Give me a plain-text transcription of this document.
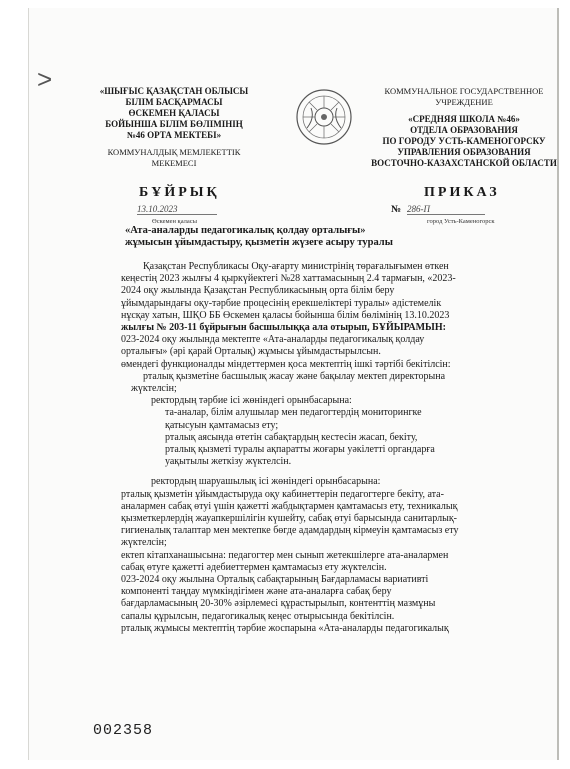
>	«ШЫҒЫС ҚАЗАҚСТАН ОБЛЫСЫ
БІЛІМ БАСҚАРМАСЫ
ӨСКЕМЕН ҚАЛАСЫ
БОЙЫНША БІЛІМ БӨЛІМІНІҢ
№46 ОРТА МЕКТЕБІ»
КОММУНАЛДЫҚ МЕМЛЕКЕТТІК
МЕКЕМЕСІ
КОММУНАЛЬНОЕ ГОСУДАРСТВЕННОЕ
УЧРЕЖДЕНИЕ
«СРЕДНЯЯ ШКОЛА №46»
ОТДЕЛА ОБРАЗОВАНИЯ
ПО ГОРОДУ УСТЬ-КАМЕНОГОРСКУ
УПРАВЛЕНИЯ ОБРАЗОВАНИЯ
ВОСТОЧНО-КАЗАХСТАНСКОЙ ОБЛАСТИ
БҰЙРЫҚ	ПРИКАЗ
13.10.2023	№ 286-П
Өскемен қаласы	город Усть-Каменогорск
«Ата-аналарды педагогикалық қолдау орталығы»
жұмысын ұйымдастыру, қызметін жүзеге асыру туралы

Қазақстан Республикасы Оқу-ағарту министрінің төрағалығымен өткен

кеңестің 2023 жылғы 4 қыркүйектегі №28 хаттамасының 2.4 тармағын, «2023-

2024 оқу жылында Қазақстан Республикасының орта білім беру

ұйымдарындағы оқу-тәрбие процесінің ерекшеліктері туралы» әдістемелік

нұсқау хатын, ШҚО ББ Өскемен қаласы бойынша білім бөлімінің 13.10.2023

жылғы № 203-11 бұйрығын басшылыққа ала отырып, БҰЙЫРАМЫН:

023-2024 оқу жылында мектепте «Ата-аналарды педагогикалық қолдау

орталығы» (әрі қарай Орталық) жұмысы ұйымдастырылсын.

өмендегі функционалды міндеттермен қоса мектептің ішкі тәртібі бекітілсін:

рталық қызметіне басшылық жасау және бақылау мектеп директорына

жүктелсін;

ректордың тәрбие ісі жөніндегі орынбасарына:

та-аналар, білім алушылар мен педагогтердің мониторингке

қатысуын қамтамасыз ету;

рталық аясында өтетін сабақтардың кестесін жасап, бекіту,

рталық қызметі туралы ақпаратты жоғары уәкілетті органдарға

уақытылы жеткізу жүктелсін.

ректордың шаруашылық ісі жөніндегі орынбасарына:

рталық қызметін ұйымдастыруда оқу кабинеттерін педагогтерге бекіту, ата-

аналармен сабақ өтуі үшін қажетті жабдықтармен қамтамасыз ету, техникалық

қызметкерлердің жауапкершілігін күшейту, сабақ өтуі барысында санитарлық-

гигиеналық талаптар мен мектепке бөгде адамдардың кірмеуін қамтамасыз ету

жүктелсін;

ектеп кітапханашысына: педагогтер мен сынып жетекшілерге ата-аналармен

сабақ өтуге қажетті әдебиеттермен қамтамасыз ету жүктелсін.

023-2024 оқу жылына Орталық сабақтарының Бағдарламасы вариативті

компоненті таңдау мүмкіндігімен және ата-аналарға сабақ беру

бағдарламасының 20-30% әзірлемесі құрастырылып, контенттің мазмұны

сапалы құрылсын, педагогикалық кеңес отырысында бекітілсін.

рталық жұмысы мектептің тәрбие жоспарына «Ата-аналарды педагогикалық

002358
